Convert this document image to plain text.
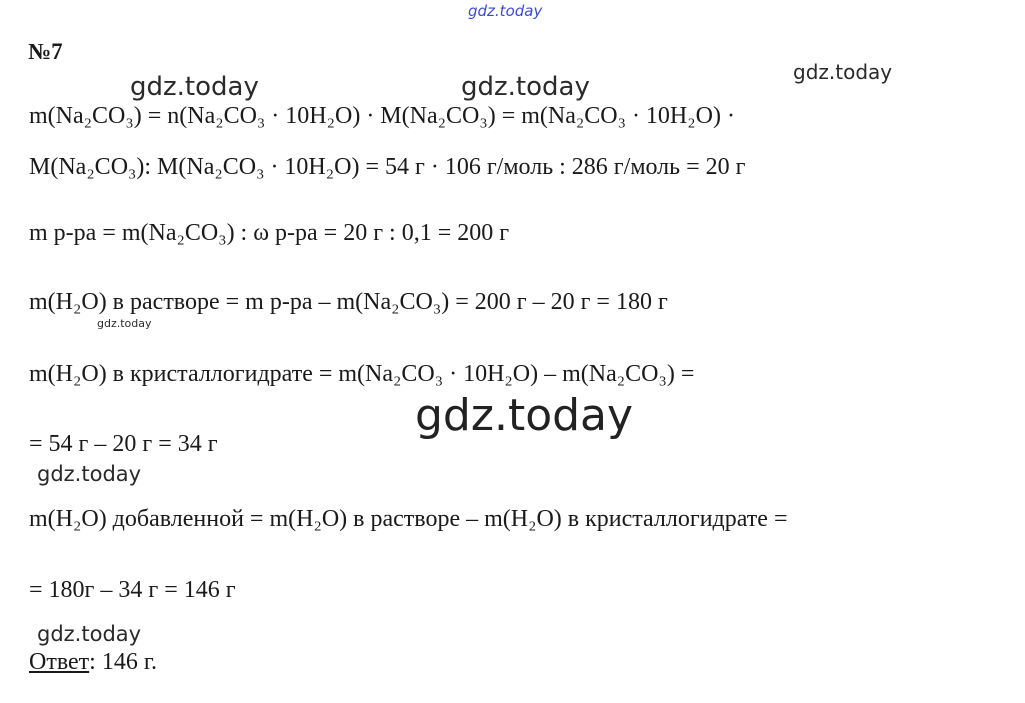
gdz.today
gdz.today	gdz.today	gdz.today
gdz.today
gdz.today
gdz.today
gdz.today
№7
m(Na₂CO₃) = n(Na₂CO₃ · 10H₂O) · M(Na₂CO₃) = m(Na₂CO₃ · 10H₂O) ·
M(Na₂CO₃): M(Na₂CO₃ · 10H₂O) = 54 г · 106 г/моль : 286 г/моль = 20 г
m р-ра = m(Na₂CO₃) : ω р-ра = 20 г : 0,1 = 200 г
m(H₂O) в растворе = m р-ра – m(Na₂CO₃) = 200 г – 20 г = 180 г
m(H₂O) в кристаллогидрате = m(Na₂CO₃ · 10H₂O) – m(Na₂CO₃) =
= 54 г – 20 г = 34 г
m(H₂O) добавленной = m(H₂O) в растворе – m(H₂O) в кристаллогидрате =
= 180г – 34 г = 146 г
Ответ: 146 г.
